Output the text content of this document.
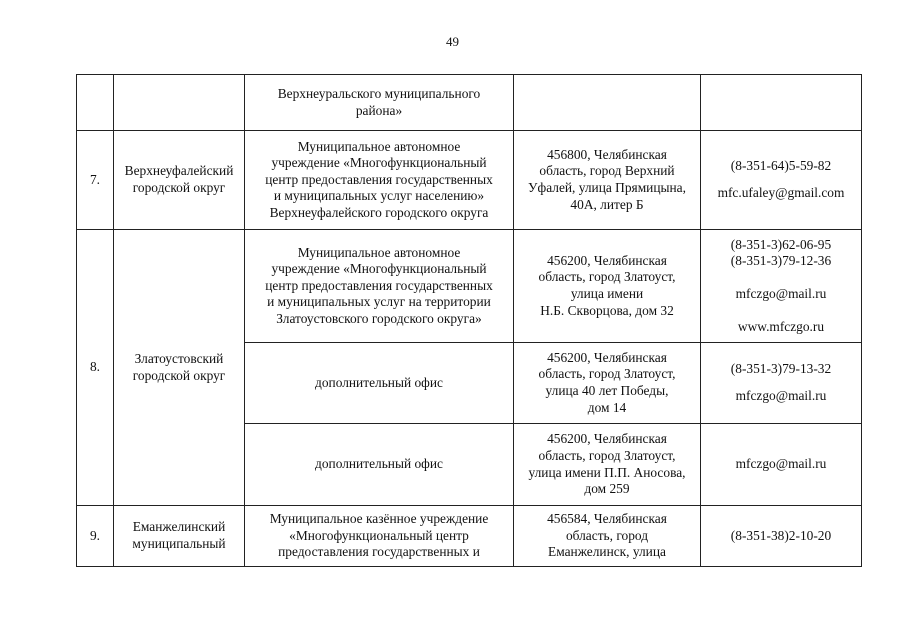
49

		Верхнеуральского муниципального
района»		

7.	Верхнеуфалейский
городской округ	Муниципальное автономное
учреждение «Многофункциональный
центр предоставления государственных
и муниципальных услуг населению»
Верхнеуфалейского городского округа	456800, Челябинская
область, город Верхний
Уфалей, улица Прямицына,
40А, литер Б	(8-351-64)5-59-82
mfc.ufaley@gmail.com

8.	Златоустовский
городской округ	Муниципальное автономное
учреждение «Многофункциональный
центр предоставления государственных
и муниципальных услуг на территории
Златоустовского городского округа»	456200, Челябинская
область, город Златоуст,
улица имени
Н.Б. Скворцова, дом 32	(8-351-3)62-06-95
(8-351-3)79-12-36
mfczgo@mail.ru
www.mfczgo.ru

		дополнительный офис	456200, Челябинская
область, город Златоуст,
улица 40 лет Победы,
дом 14	(8-351-3)79-13-32
mfczgo@mail.ru

		дополнительный офис	456200, Челябинская
область, город Златоуст,
улица имени П.П. Аносова,
дом 259	mfczgo@mail.ru

9.	Еманжелинский
муниципальный	Муниципальное казённое учреждение
«Многофункциональный центр
предоставления государственных и	456584, Челябинская
область, город
Еманжелинск, улица	(8-351-38)2-10-20
